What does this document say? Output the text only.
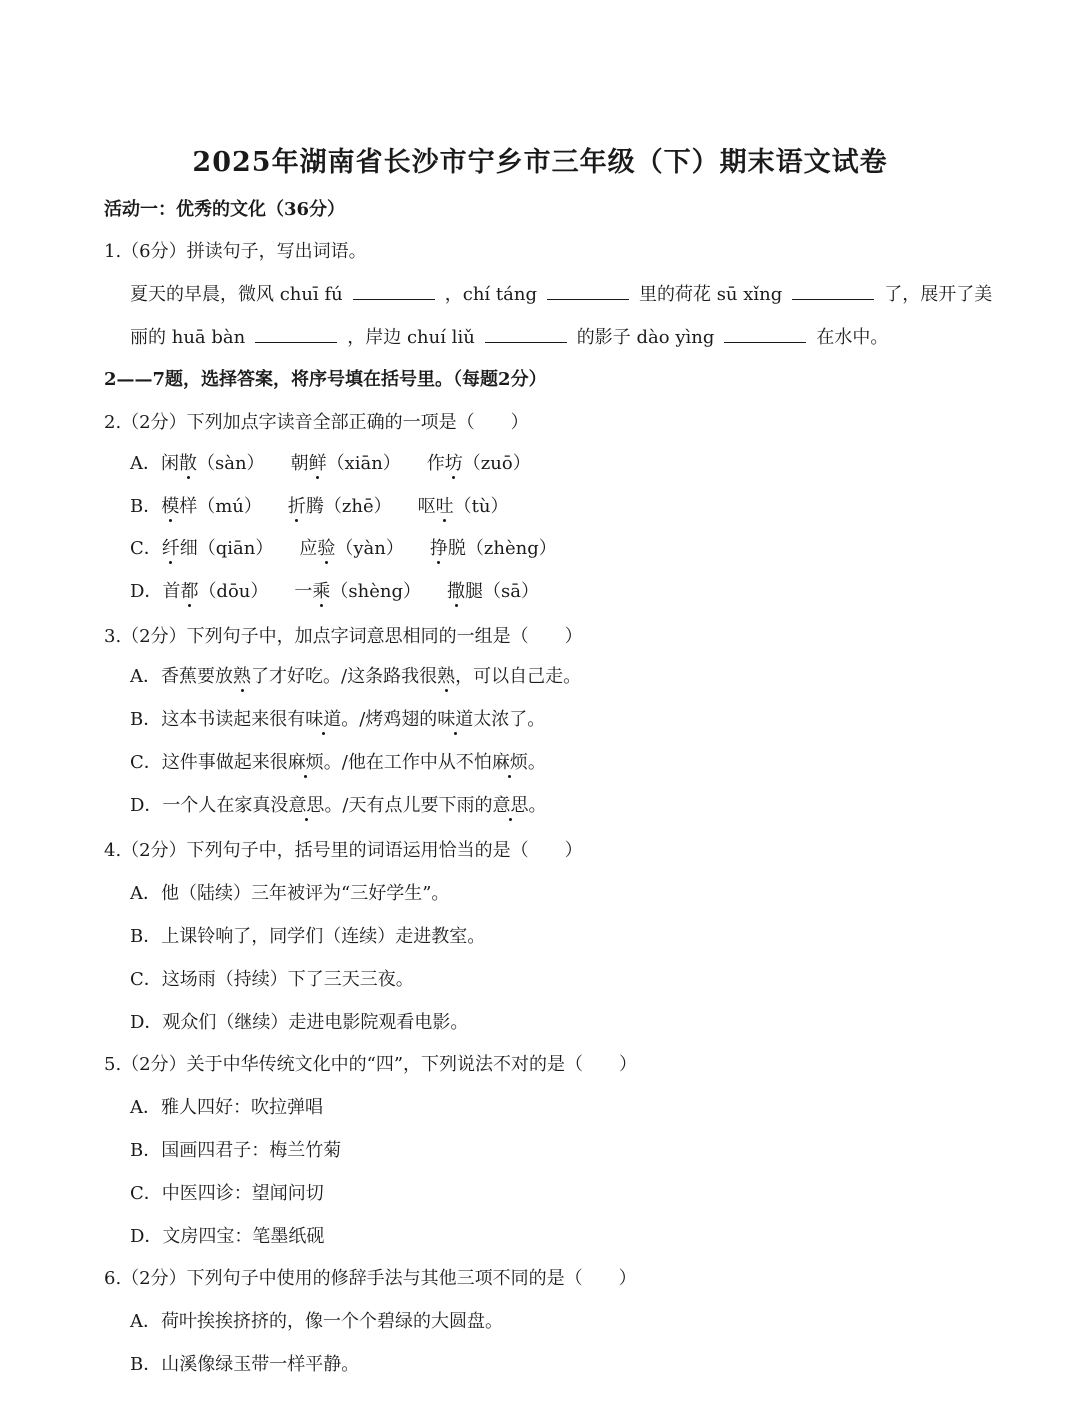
2025年湖南省长沙市宁乡市三年级（下）期末语文试卷
活动一：优秀的文化（36分）
1.（6分）拼读句子，写出词语。
夏天的早晨，微风 chuī fú	，chí táng	里的荷花 sū xǐng	了，展开了美
丽的 huā bàn	，岸边 chuí liǔ	的影子 dào yìng	在水中。
2——7题，选择答案，将序号填在括号里。（每题2分）
2.（2分）下列加点字读音全部正确的一项是（　　）
A．闲散（sàn） 朝鲜（xiān） 作坊（zuō）
B．模样（mú） 折腾（zhē） 呕吐（tù）
C．纤细（qiān） 应验（yàn） 挣脱（zhèng）
D．首都（dōu） 一乘（shèng） 撒腿（sā）
3.（2分）下列句子中，加点字词意思相同的一组是（　　）
A．香蕉要放熟了才好吃。/这条路我很熟，可以自己走。
B．这本书读起来很有味道。/烤鸡翅的味道太浓了。
C．这件事做起来很麻烦。/他在工作中从不怕麻烦。
D．一个人在家真没意思。/天有点儿要下雨的意思。
4.（2分）下列句子中，括号里的词语运用恰当的是（　　）
A．他（陆续）三年被评为“三好学生”。
B．上课铃响了，同学们（连续）走进教室。
C．这场雨（持续）下了三天三夜。
D．观众们（继续）走进电影院观看电影。
5.（2分）关于中华传统文化中的“四”，下列说法不对的是（　　）
A．雅人四好：吹拉弹唱
B．国画四君子：梅兰竹菊
C．中医四诊：望闻问切
D．文房四宝：笔墨纸砚
6.（2分）下列句子中使用的修辞手法与其他三项不同的是（　　）
A．荷叶挨挨挤挤的，像一个个碧绿的大圆盘。
B．山溪像绿玉带一样平静。
